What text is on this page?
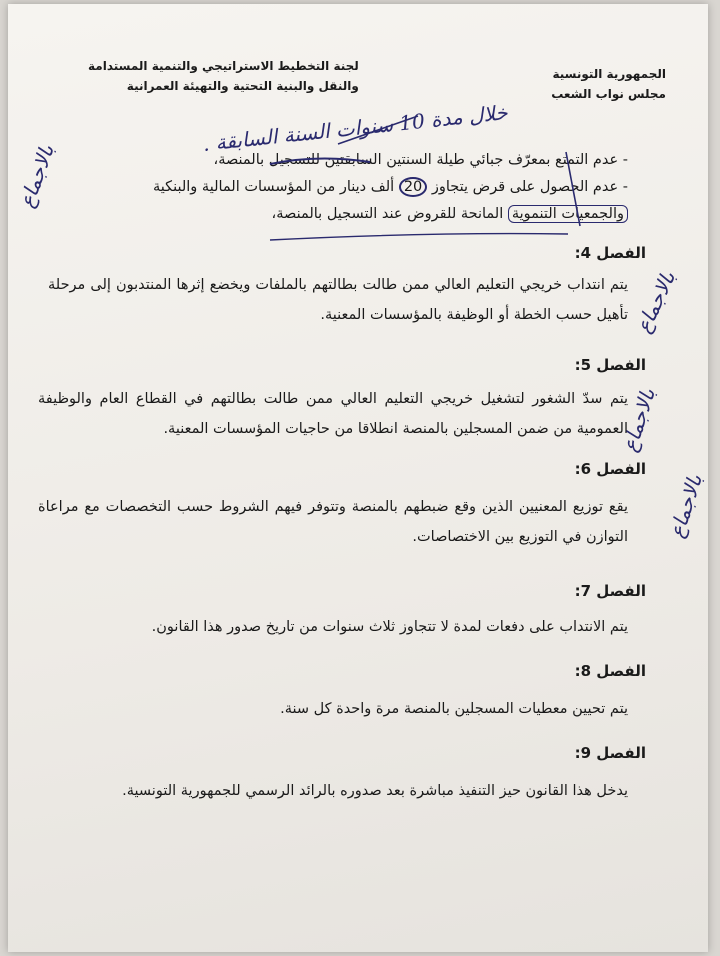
الجمهورية التونسية
مجلس نواب الشعب
لجنة التخطيط الاستراتيجي والتنمية المستدامة
والنقل والبنية التحتية والتهيئة العمرانية
خلال مدة 10 سنوات السنة السابقة .
- عدم التمتع بمعرّف جبائي طيلة السنتين السابقتين للتسجيل بالمنصة،
- عدم الحصول على قرض يتجاوز 20 ألف دينار من المؤسسات المالية والبنكية
والجمعيات التنموية المانحة للقروض عند التسجيل بالمنصة،
الفصل 4:
يتم انتداب خريجي التعليم العالي ممن طالت بطالتهم بالملفات ويخضع إثرها المنتدبون إلى مرحلة تأهيل حسب الخطة أو الوظيفة بالمؤسسات المعنية.
الفصل 5:
يتم سدّ الشغور لتشغيل خريجي التعليم العالي ممن طالت بطالتهم في القطاع العام والوظيفة العمومية من ضمن المسجلين بالمنصة انطلاقا من حاجيات المؤسسات المعنية.
الفصل 6:
يقع توزيع المعنيين الذين وقع ضبطهم بالمنصة وتتوفر فيهم الشروط حسب التخصصات مع مراعاة التوازن في التوزيع بين الاختصاصات.
الفصل 7:
يتم الانتداب على دفعات لمدة لا تتجاوز ثلاث سنوات من تاريخ صدور هذا القانون.
الفصل 8:
يتم تحيين معطيات المسجلين بالمنصة مرة واحدة كل سنة.
الفصل 9:
يدخل هذا القانون حيز التنفيذ مباشرة بعد صدوره بالرائد الرسمي للجمهورية التونسية.
بالاجماع
بالاجماع
بالاجماع
بالاجماع
